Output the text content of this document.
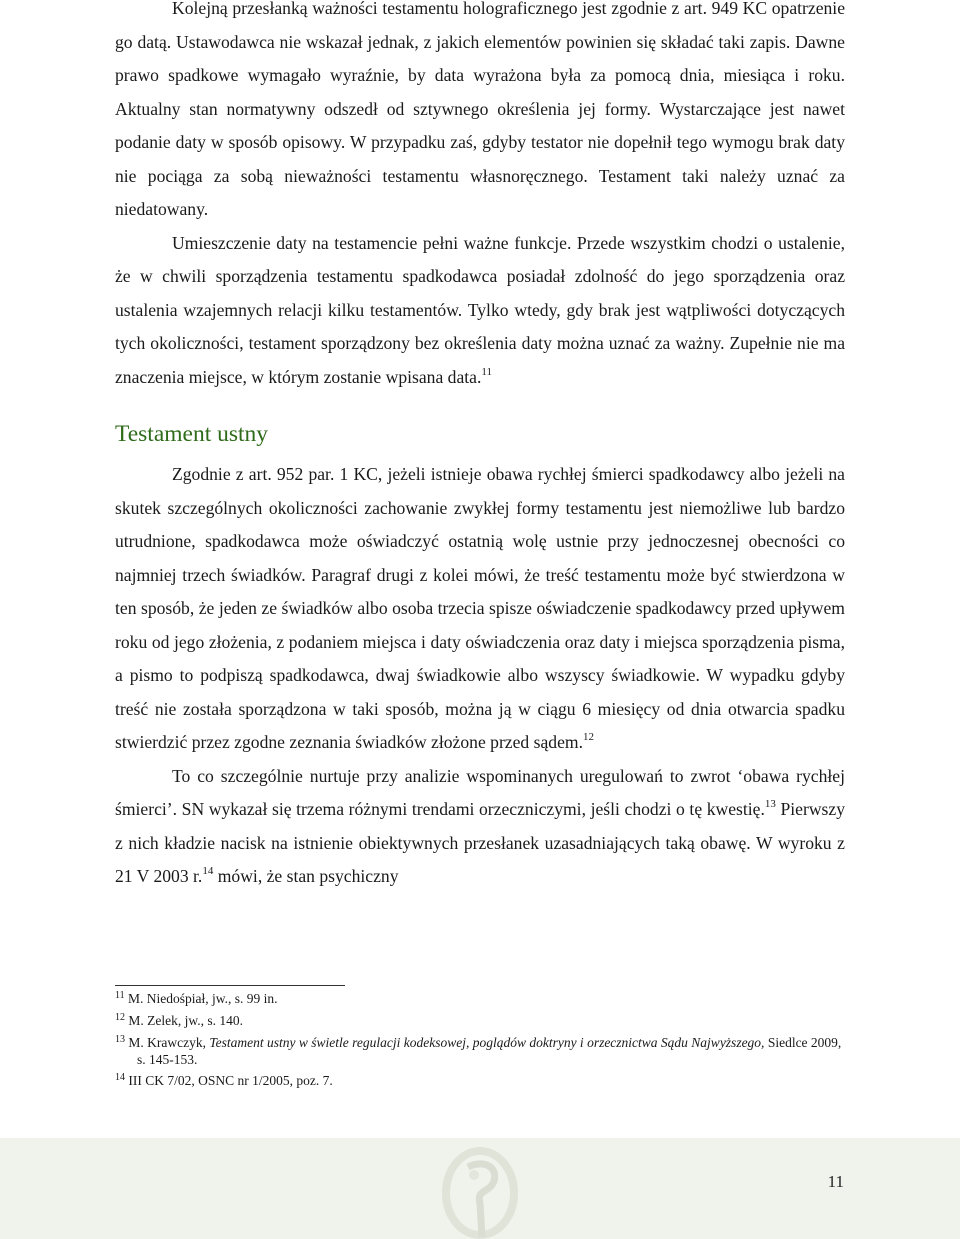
Kolejną przesłanką ważności testamentu holograficznego jest zgodnie z art. 949 KC opatrzenie go datą. Ustawodawca nie wskazał jednak, z jakich elementów powinien się składać taki zapis. Dawne prawo spadkowe wymagało wyraźnie, by data wyrażona była za pomocą dnia, miesiąca i roku. Aktualny stan normatywny odszedł od sztywnego określenia jej formy. Wystarczające jest nawet podanie daty w sposób opisowy. W przypadku zaś, gdyby testator nie dopełnił tego wymogu brak daty nie pociąga za sobą nieważności testamentu własnoręcznego. Testament taki należy uznać za niedatowany.

Umieszczenie daty na testamencie pełni ważne funkcje. Przede wszystkim chodzi o ustalenie, że w chwili sporządzenia testamentu spadkodawca posiadał zdolność do jego sporządzenia oraz ustalenia wzajemnych relacji kilku testamentów. Tylko wtedy, gdy brak jest wątpliwości dotyczących tych okoliczności, testament sporządzony bez określenia daty można uznać za ważny. Zupełnie nie ma znaczenia miejsce, w którym zostanie wpisana data.$^{11}$

Testament ustny

Zgodnie z art. 952 par. 1 KC, jeżeli istnieje obawa rychłej śmierci spadkodawcy albo jeżeli na skutek szczególnych okoliczności zachowanie zwykłej formy testamentu jest niemożliwe lub bardzo utrudnione, spadkodawca może oświadczyć ostatnią wolę ustnie przy jednoczesnej obecności co najmniej trzech świadków. Paragraf drugi z kolei mówi, że treść testamentu może być stwierdzona w ten sposób, że jeden ze świadków albo osoba trzecia spisze oświadczenie spadkodawcy przed upływem roku od jego złożenia, z podaniem miejsca i daty oświadczenia oraz daty i miejsca sporządzenia pisma, a pismo to podpiszą spadkodawca, dwaj świadkowie albo wszyscy świadkowie. W wypadku gdyby treść nie została sporządzona w taki sposób, można ją w ciągu 6 miesięcy od dnia otwarcia spadku stwierdzić przez zgodne zeznania świadków złożone przed sądem.$^{12}$

To co szczególnie nurtuje przy analizie wspominanych uregulowań to zwrot ‘obawa rychłej śmierci’. SN wykazał się trzema różnymi trendami orzeczniczymi, jeśli chodzi o tę kwestię.$^{13}$ Pierwszy z nich kładzie nacisk na istnienie obiektywnych przesłanek uzasadniających taką obawę. W wyroku z 21 V 2003 r.$^{14}$ mówi, że stan psychiczny

$^{11}$ M. Niedośpiał, jw., s. 99 in.

$^{12}$ M. Zelek, jw., s. 140.

$^{13}$ M. Krawczyk, Testament ustny w świetle regulacji kodeksowej, poglądów doktryny i orzecznictwa Sądu Najwyższego, Siedlce 2009, s. 145-153.

$^{14}$ III CK 7/02, OSNC nr 1/2005, poz. 7.

11
